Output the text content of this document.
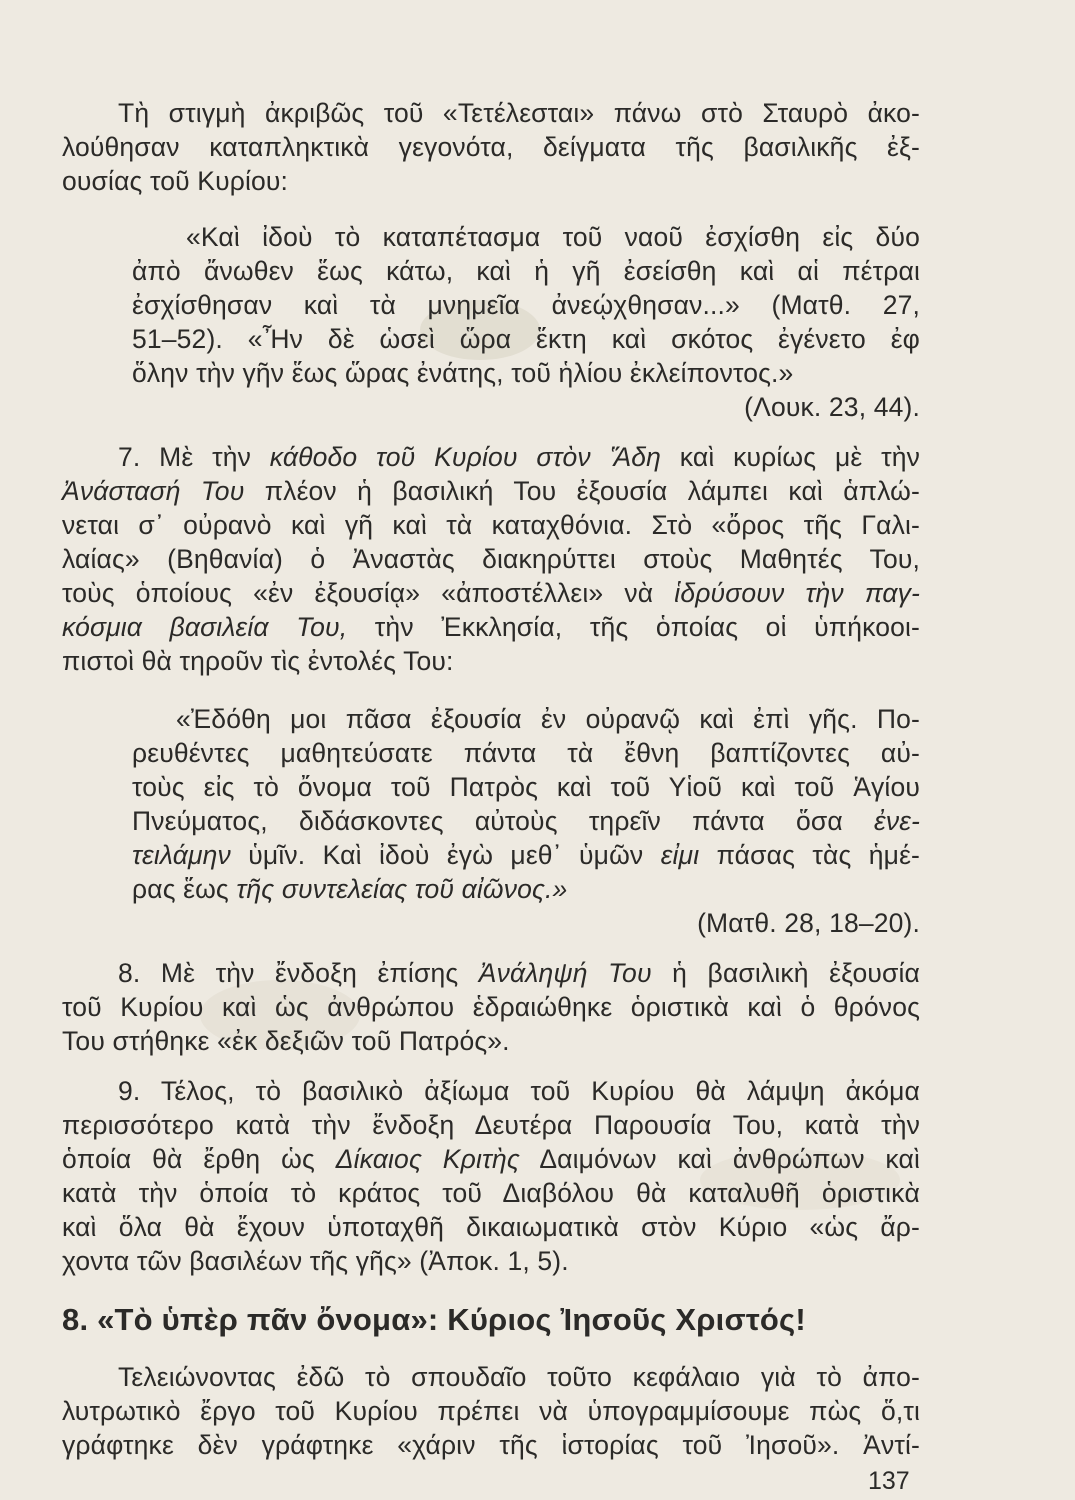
Τὴ στιγμὴ ἀκριβῶς τοῦ «Τετέλεσται» πάνω στὸ Σταυρὸ ἀκο-
λούθησαν καταπληκτικὰ γεγονότα, δείγματα τῆς βασιλικῆς ἐξ-
ουσίας τοῦ Κυρίου:
«Καὶ ἰδοὺ τὸ καταπέτασμα τοῦ ναοῦ ἐσχίσθη εἰς δύο
ἀπὸ ἄνωθεν ἕως κάτω, καὶ ἡ γῆ ἐσείσθη καὶ αἱ πέτραι
ἐσχίσθησαν καὶ τὰ μνημεῖα ἀνεῴχθησαν...» (Ματθ. 27,
51–52). «Ἦν δὲ ὡσεὶ ὥρα ἕκτη καὶ σκότος ἐγένετο ἐφ
ὅλην τὴν γῆν ἕως ὥρας ἐνάτης, τοῦ ἡλίου ἐκλείποντος.»
(Λουκ. 23, 44).
7. Μὲ τὴν κάθοδο τοῦ Κυρίου στὸν Ἅδη καὶ κυρίως μὲ τὴν
Ἀνάστασή Του πλέον ἡ βασιλική Του ἐξουσία λάμπει καὶ ἁπλώ-
νεται σ᾿ οὐρανὸ καὶ γῆ καὶ τὰ καταχθόνια. Στὸ «ὄρος τῆς Γαλι-
λαίας» (Βηθανία) ὁ Ἀναστὰς διακηρύττει στοὺς Μαθητές Του,
τοὺς ὁποίους «ἐν ἐξουσίᾳ» «ἀποστέλλει» νὰ ἱδρύσουν τὴν παγ-
κόσμια βασιλεία Του, τὴν Ἐκκλησία, τῆς ὁποίας οἱ ὑπήκοοι-
πιστοὶ θὰ τηροῦν τὶς ἐντολές Του:
«Ἐδόθη μοι πᾶσα ἐξουσία ἐν οὐρανῷ καὶ ἐπὶ γῆς. Πο-
ρευθέντες μαθητεύσατε πάντα τὰ ἔθνη βαπτίζοντες αὐ-
τοὺς εἰς τὸ ὄνομα τοῦ Πατρὸς καὶ τοῦ Υἱοῦ καὶ τοῦ Ἁγίου
Πνεύματος, διδάσκοντες αὐτοὺς τηρεῖν πάντα ὅσα ἐνε-
τειλάμην ὑμῖν. Καὶ ἰδοὺ ἐγὼ μεθ᾿ ὑμῶν εἰμι πάσας τὰς ἡμέ-
ρας ἕως τῆς συντελείας τοῦ αἰῶνος.»
(Ματθ. 28, 18–20).
8. Μὲ τὴν ἔνδοξη ἐπίσης Ἀνάληψή Του ἡ βασιλικὴ ἐξουσία
τοῦ Κυρίου καὶ ὡς ἀνθρώπου ἑδραιώθηκε ὁριστικὰ καὶ ὁ θρόνος
Του στήθηκε «ἐκ δεξιῶν τοῦ Πατρός».
9. Τέλος, τὸ βασιλικὸ ἀξίωμα τοῦ Κυρίου θὰ λάμψη ἀκόμα
περισσότερο κατὰ τὴν ἔνδοξη Δευτέρα Παρουσία Του, κατὰ τὴν
ὁποία θὰ ἔρθη ὡς Δίκαιος Κριτὴς Δαιμόνων καὶ ἀνθρώπων καὶ
κατὰ τὴν ὁποία τὸ κράτος τοῦ Διαβόλου θὰ καταλυθῆ ὁριστικὰ
καὶ ὅλα θὰ ἔχουν ὑποταχθῆ δικαιωματικὰ στὸν Κύριο «ὡς ἄρ-
χοντα τῶν βασιλέων τῆς γῆς» (Ἀποκ. 1, 5).
8. «Τὸ ὑπὲρ πᾶν ὄνομα»: Κύριος Ἰησοῦς Χριστός!
Τελειώνοντας ἐδῶ τὸ σπουδαῖο τοῦτο κεφάλαιο γιὰ τὸ ἀπο-
λυτρωτικὸ ἔργο τοῦ Κυρίου πρέπει νὰ ὑπογραμμίσουμε πὼς ὅ,τι
γράφτηκε δὲν γράφτηκε «χάριν τῆς ἱστορίας τοῦ Ἰησοῦ». Ἀντί-
137
